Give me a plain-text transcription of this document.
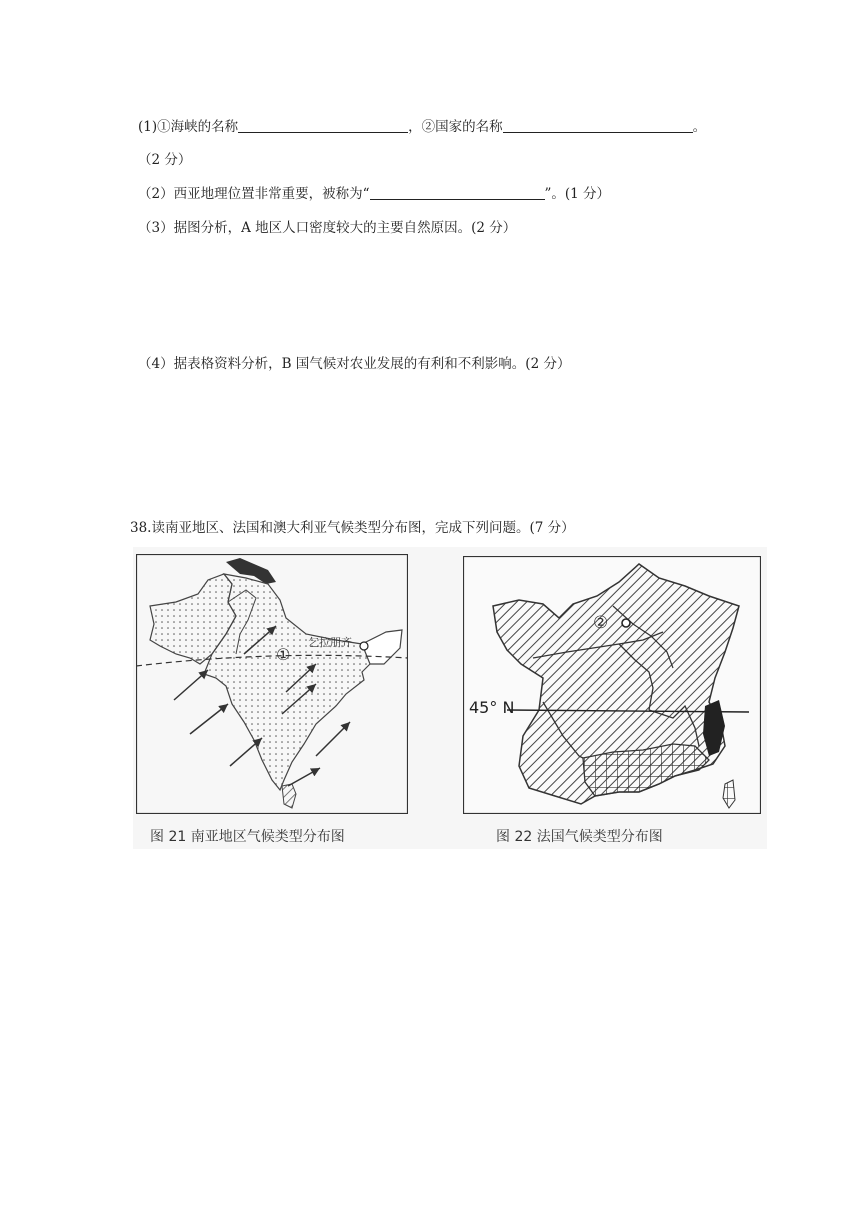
(1)①海峡的名称	，②国家的名称	。
（2 分）
（2）西亚地理位置非常重要，被称为“	”。(1 分）
（3）据图分析，A 地区人口密度较大的主要自然原因。(2 分）
（4）据表格资料分析，B 国气候对农业发展的有利和不利影响。(2 分）
38.读南亚地区、法国和澳大利亚气候类型分布图，完成下列问题。(7 分）
乞拉朋齐
①
图 21 南亚地区气候类型分布图
45° N
②
图 22 法国气候类型分布图
